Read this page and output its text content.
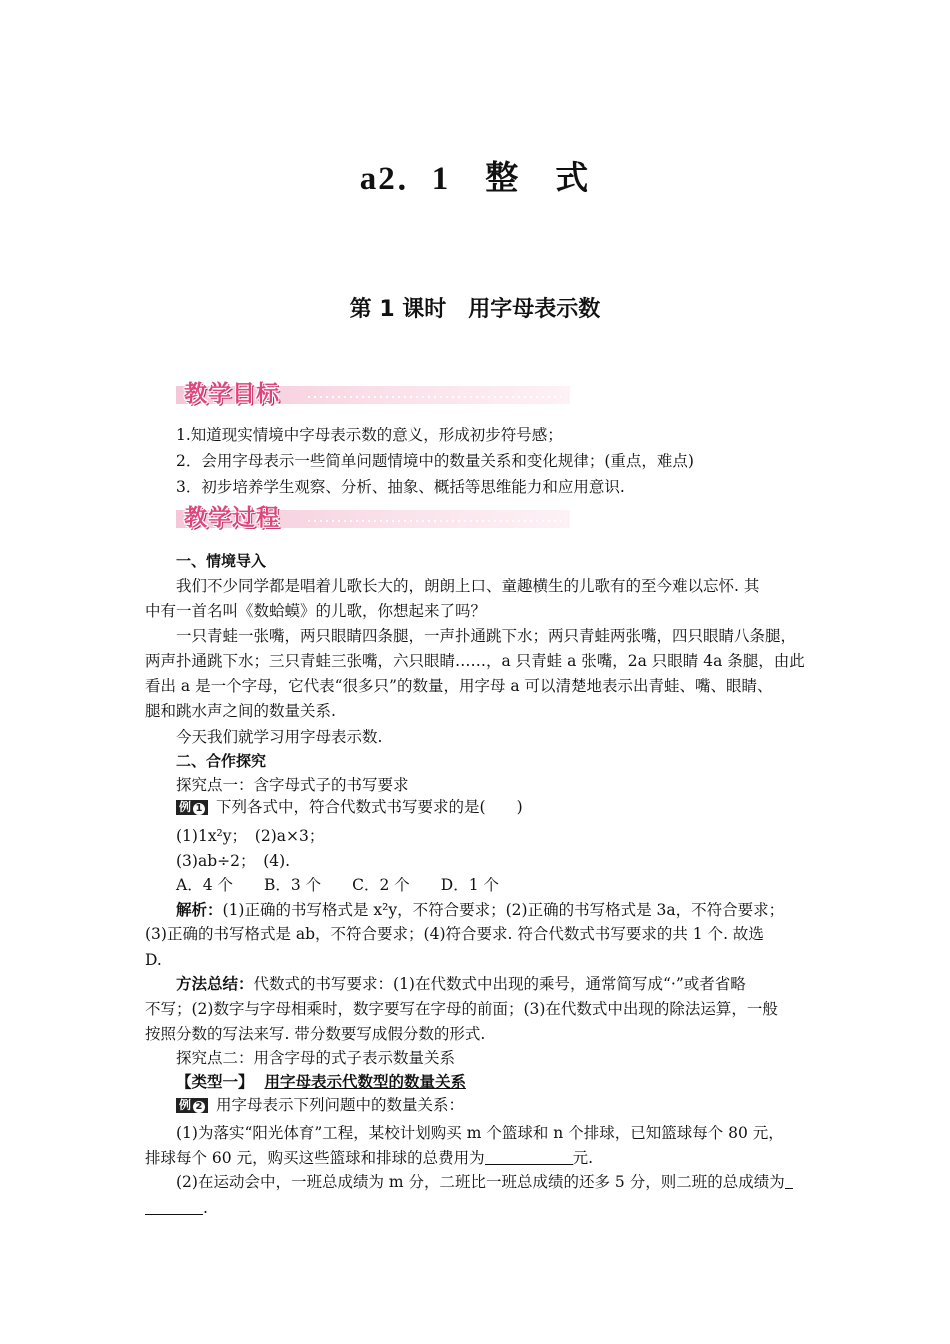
a2．1　整　式
第 1 课时　用字母表示数
教学目标
1.知道现实情境中字母表示数的意义，形成初步符号感；
2．会用字母表示一些简单问题情境中的数量关系和变化规律；(重点，难点)
3．初步培养学生观察、分析、抽象、概括等思维能力和应用意识.
教学过程
一、情境导入
我们不少同学都是唱着儿歌长大的，朗朗上口、童趣横生的儿歌有的至今难以忘怀. 其
中有一首名叫《数蛤蟆》的儿歌，你想起来了吗？
一只青蛙一张嘴，两只眼睛四条腿，一声扑通跳下水；两只青蛙两张嘴，四只眼睛八条腿，
两声扑通跳下水；三只青蛙三张嘴，六只眼睛……，a 只青蛙 a 张嘴，2a 只眼睛 4a 条腿，由此
看出 a 是一个字母，它代表“很多只”的数量，用字母 a 可以清楚地表示出青蛙、嘴、眼睛、
腿和跳水声之间的数量关系.
今天我们就学习用字母表示数.
二、合作探究
探究点一：含字母式子的书写要求
例 1 下列各式中，符合代数式书写要求的是(　　)
(1)1x²y；　(2)a×3；
(3)ab÷2；　(4).
A．4 个　　B．3 个　　C．2 个　　D．1 个
解析：(1)正确的书写格式是 x²y，不符合要求；(2)正确的书写格式是 3a，不符合要求；
(3)正确的书写格式是 ab，不符合要求；(4)符合要求. 符合代数式书写要求的共 1 个. 故选
D.
方法总结：代数式的书写要求：(1)在代数式中出现的乘号，通常简写成“·”或者省略
不写；(2)数字与字母相乘时，数字要写在字母的前面；(3)在代数式中出现的除法运算，一般
按照分数的写法来写. 带分数要写成假分数的形式.
探究点二：用含字母的式子表示数量关系
【类型一】 用字母表示代数型的数量关系
例 2 用字母表示下列问题中的数量关系：
(1)为落实“阳光体育”工程，某校计划购买 m 个篮球和 n 个排球，已知篮球每个 80 元，
排球每个 60 元，购买这些篮球和排球的总费用为	元.
(2)在运动会中，一班总成绩为 m 分，二班比一班总成绩的还多 5 分，则二班的总成绩为
.
